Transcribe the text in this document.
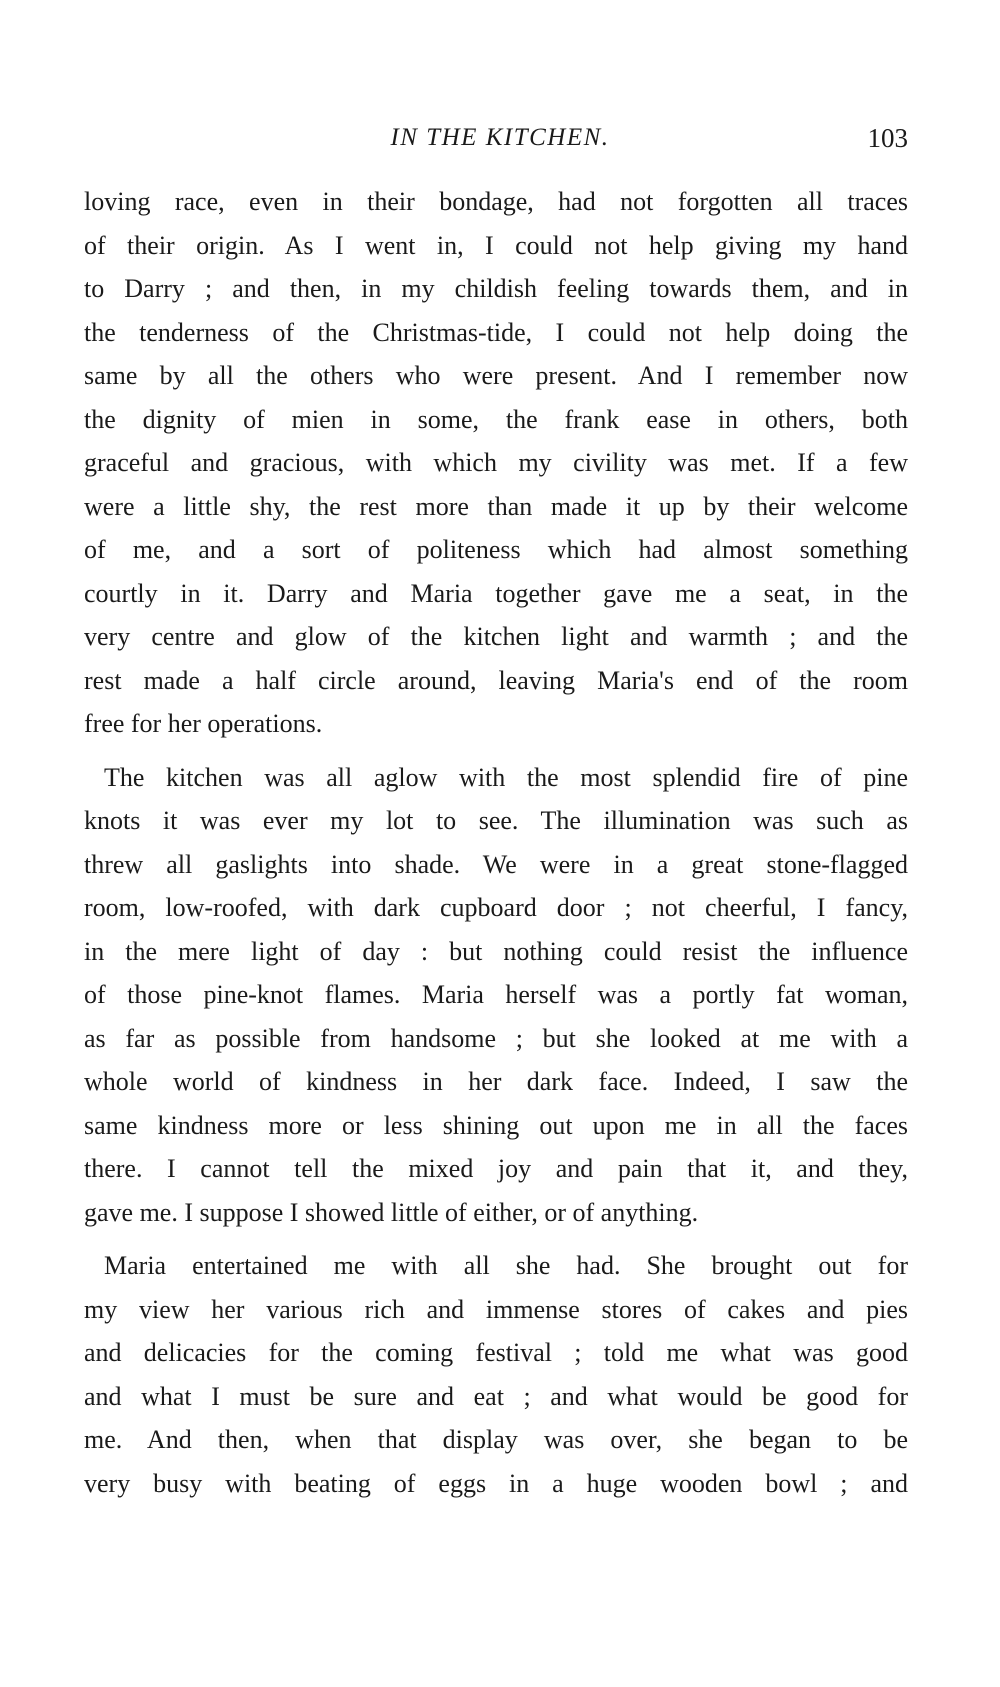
IN THE KITCHEN.	103

loving race, even in their bondage, had not forgotten all traces
of their origin. As I went in, I could not help giving my hand
to Darry ; and then, in my childish feeling towards them, and in
the tenderness of the Christmas-tide, I could not help doing the
same by all the others who were present. And I remember now
the dignity of mien in some, the frank ease in others, both
graceful and gracious, with which my civility was met. If a few
were a little shy, the rest more than made it up by their welcome
of me, and a sort of politeness which had almost something
courtly in it. Darry and Maria together gave me a seat, in the
very centre and glow of the kitchen light and warmth ; and the
rest made a half circle around, leaving Maria's end of the room
free for her operations.

The kitchen was all aglow with the most splendid fire of pine
knots it was ever my lot to see. The illumination was such as
threw all gaslights into shade. We were in a great stone-flagged
room, low-roofed, with dark cupboard door ; not cheerful, I fancy,
in the mere light of day : but nothing could resist the influence
of those pine-knot flames. Maria herself was a portly fat woman,
as far as possible from handsome ; but she looked at me with a
whole world of kindness in her dark face. Indeed, I saw the
same kindness more or less shining out upon me in all the faces
there. I cannot tell the mixed joy and pain that it, and they,
gave me. I suppose I showed little of either, or of anything.

Maria entertained me with all she had. She brought out for
my view her various rich and immense stores of cakes and pies
and delicacies for the coming festival ; told me what was good
and what I must be sure and eat ; and what would be good for
me. And then, when that display was over, she began to be
very busy with beating of eggs in a huge wooden bowl ; and
